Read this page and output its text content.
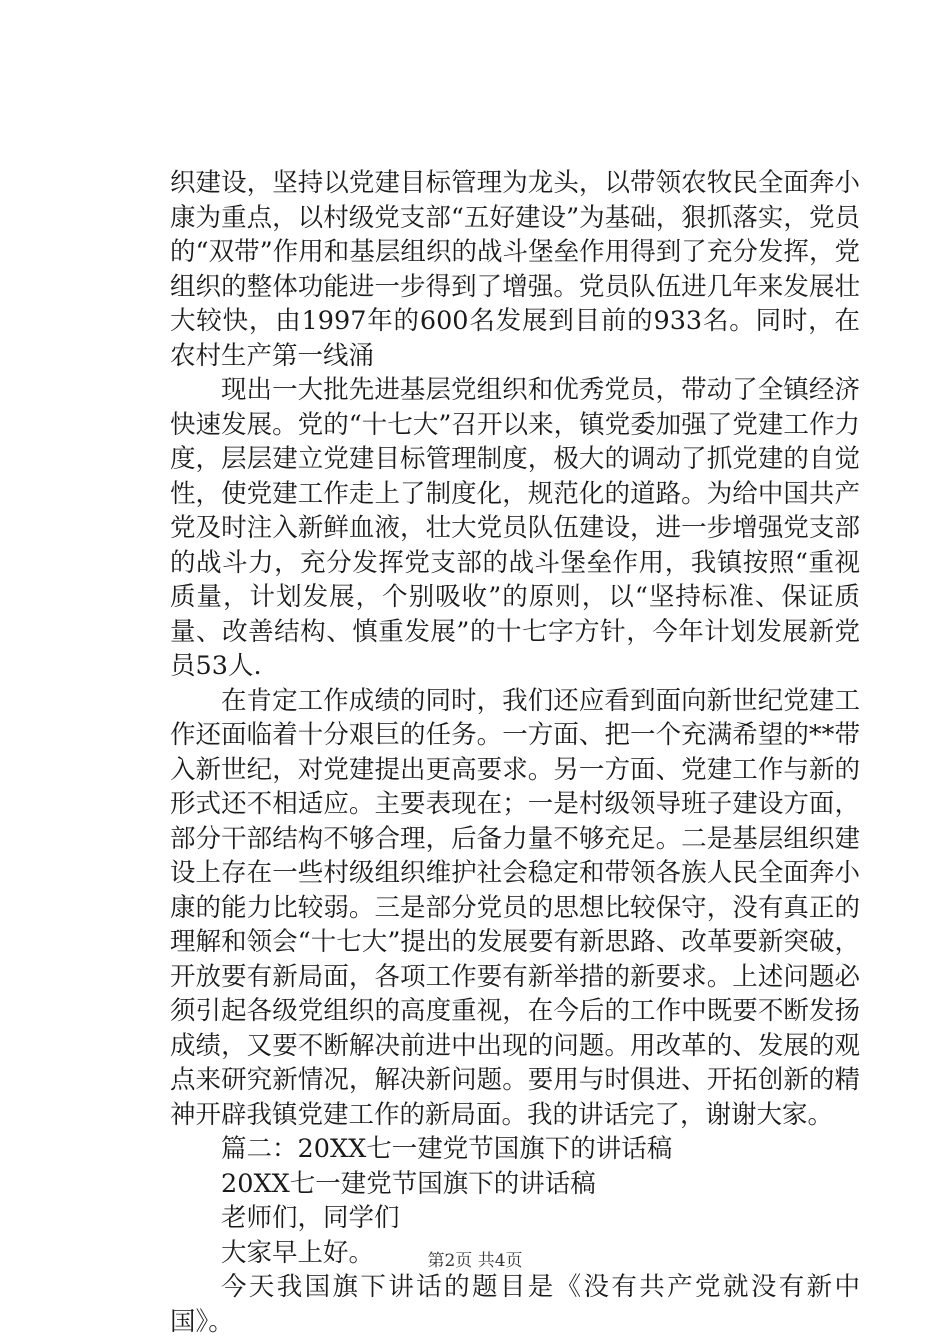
织建设，坚持以党建目标管理为龙头，以带领农牧民全面奔小康为重点，以村级党支部“五好建设”为基础，狠抓落实，党员的“双带”作用和基层组织的战斗堡垒作用得到了充分发挥，党组织的整体功能进一步得到了增强。党员队伍进几年来发展壮大较快，由1997年的600名发展到目前的933名。同时，在农村生产第一线涌

现出一大批先进基层党组织和优秀党员，带动了全镇经济快速发展。党的“十七大”召开以来，镇党委加强了党建工作力度，层层建立党建目标管理制度，极大的调动了抓党建的自觉性，使党建工作走上了制度化，规范化的道路。为给中国共产党及时注入新鲜血液，壮大党员队伍建设，进一步增强党支部的战斗力，充分发挥党支部的战斗堡垒作用，我镇按照“重视质量，计划发展，个别吸收”的原则，以“坚持标准、保证质量、改善结构、慎重发展”的十七字方针，今年计划发展新党员53人.

在肯定工作成绩的同时，我们还应看到面向新世纪党建工作还面临着十分艰巨的任务。一方面、把一个充满希望的**带入新世纪，对党建提出更高要求。另一方面、党建工作与新的形式还不相适应。主要表现在；一是村级领导班子建设方面，部分干部结构不够合理，后备力量不够充足。二是基层组织建设上存在一些村级组织维护社会稳定和带领各族人民全面奔小康的能力比较弱。三是部分党员的思想比较保守，没有真正的理解和领会“十七大”提出的发展要有新思路、改革要新突破，开放要有新局面，各项工作要有新举措的新要求。上述问题必须引起各级党组织的高度重视，在今后的工作中既要不断发扬成绩，又要不断解决前进中出现的问题。用改革的、发展的观点来研究新情况，解决新问题。要用与时俱进、开拓创新的精神开辟我镇党建工作的新局面。我的讲话完了，谢谢大家。

篇二：20XX七一建党节国旗下的讲话稿

20XX七一建党节国旗下的讲话稿

老师们，同学们

大家早上好。

今天我国旗下讲话的题目是《没有共产党就没有新中国》。

第2页 共4页
